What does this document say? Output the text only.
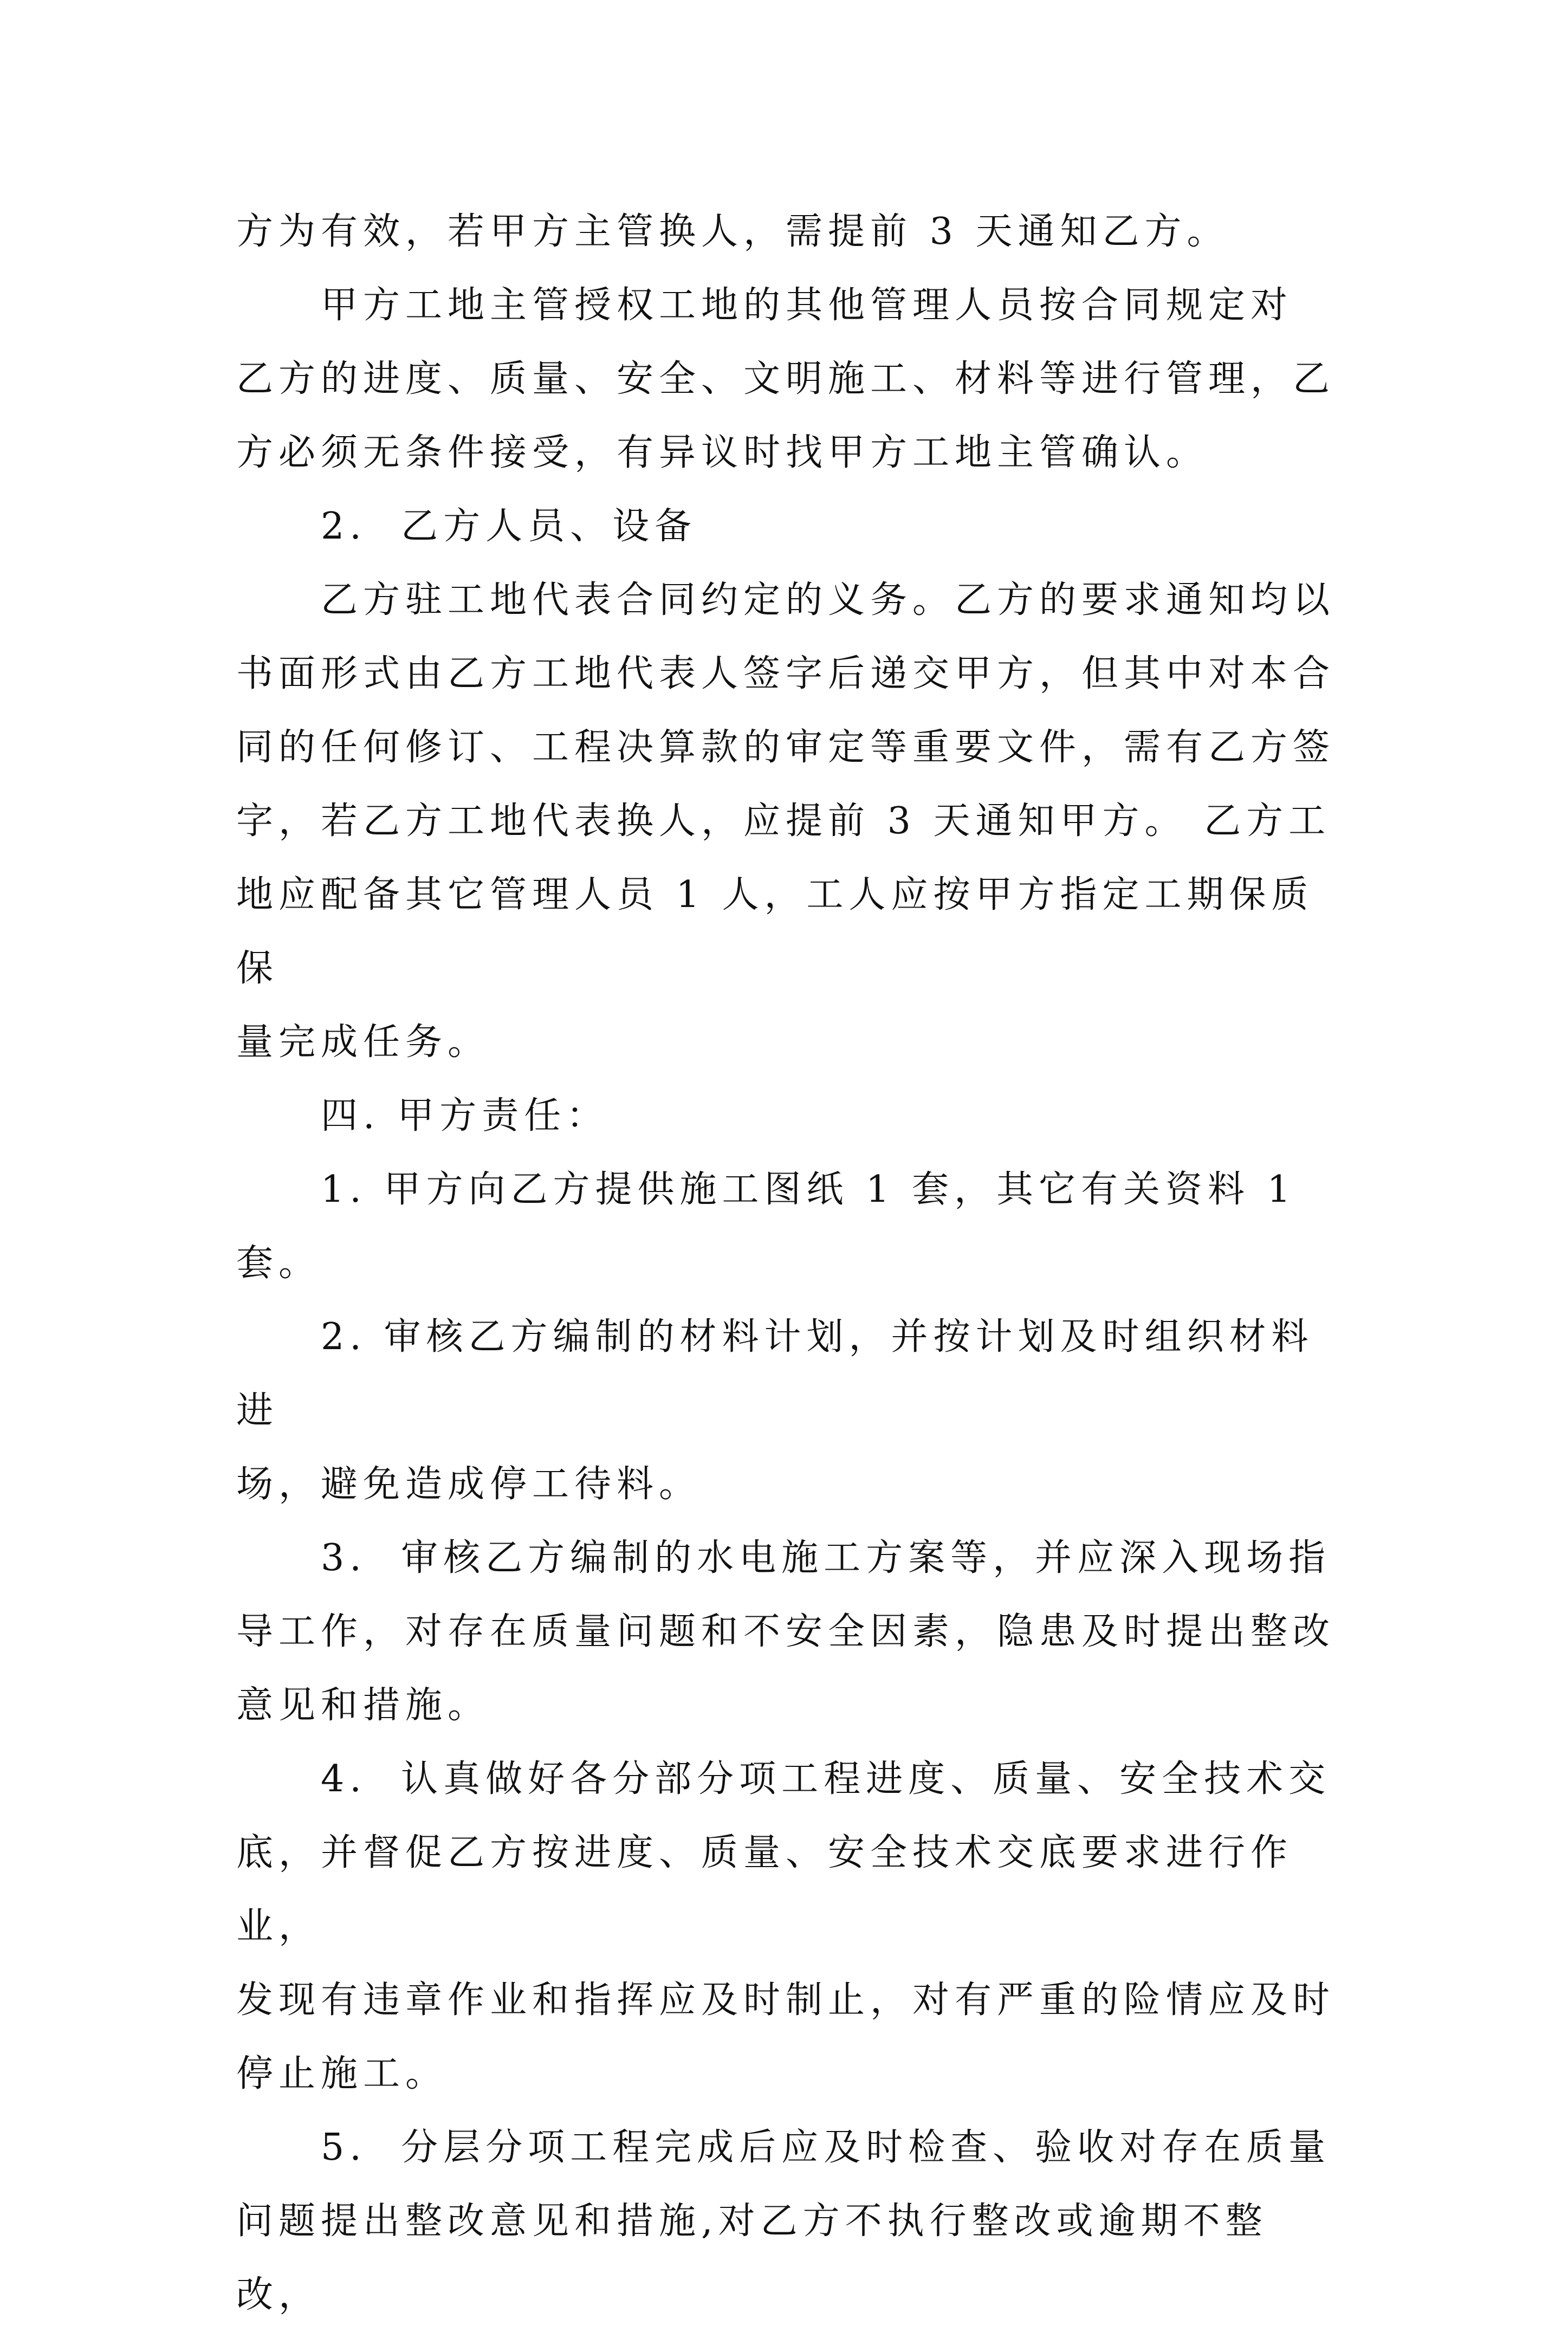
方为有效，若甲方主管换人，需提前 3 天通知乙方。

　　甲方工地主管授权工地的其他管理人员按合同规定对

乙方的进度、质量、安全、文明施工、材料等进行管理，乙

方必须无条件接受，有异议时找甲方工地主管确认。

　　2.  乙方人员、设备

　　乙方驻工地代表合同约定的义务。乙方的要求通知均以

书面形式由乙方工地代表人签字后递交甲方，但其中对本合

同的任何修订、工程决算款的审定等重要文件，需有乙方签

字，若乙方工地代表换人，应提前 3 天通知甲方。 乙方工

地应配备其它管理人员 1 人，工人应按甲方指定工期保质保

量完成任务。

　　四. 甲方责任：

　　1. 甲方向乙方提供施工图纸 1 套，其它有关资料 1 套。

　　2. 审核乙方编制的材料计划，并按计划及时组织材料进

场，避免造成停工待料。

　　3.  审核乙方编制的水电施工方案等，并应深入现场指

导工作，对存在质量问题和不安全因素，隐患及时提出整改

意见和措施。

　　4.  认真做好各分部分项工程进度、质量、安全技术交

底，并督促乙方按进度、质量、安全技术交底要求进行作业，

发现有违章作业和指挥应及时制止，对有严重的险情应及时

停止施工。

　　5.  分层分项工程完成后应及时检查、验收对存在质量

问题提出整改意见和措施,对乙方不执行整改或逾期不整改，
